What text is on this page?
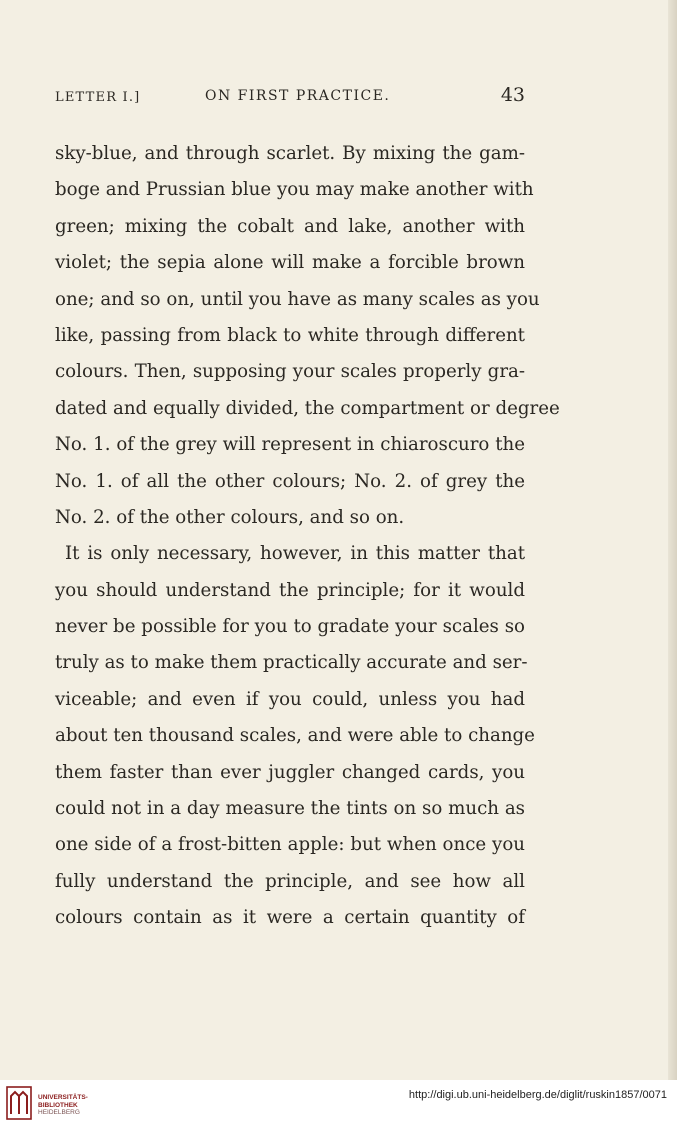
LETTER I.]	ON FIRST PRACTICE.	43
sky-blue, and through scarlet. By mixing the gam-
boge and Prussian blue you may make another with
green; mixing the cobalt and lake, another with
violet; the sepia alone will make a forcible brown
one; and so on, until you have as many scales as you
like, passing from black to white through different
colours. Then, supposing your scales properly gra-
dated and equally divided, the compartment or degree
No. 1. of the grey will represent in chiaroscuro the
No. 1. of all the other colours; No. 2. of grey the
No. 2. of the other colours, and so on.
It is only necessary, however, in this matter that
you should understand the principle; for it would
never be possible for you to gradate your scales so
truly as to make them practically accurate and ser-
viceable; and even if you could, unless you had
about ten thousand scales, and were able to change
them faster than ever juggler changed cards, you
could not in a day measure the tints on so much as
one side of a frost-bitten apple: but when once you
fully understand the principle, and see how all
colours contain as it were a certain quantity of
UNIVERSITÄTS-
BIBLIOTHEK
HEIDELBERG
http://digi.ub.uni-heidelberg.de/diglit/ruskin1857/0071
